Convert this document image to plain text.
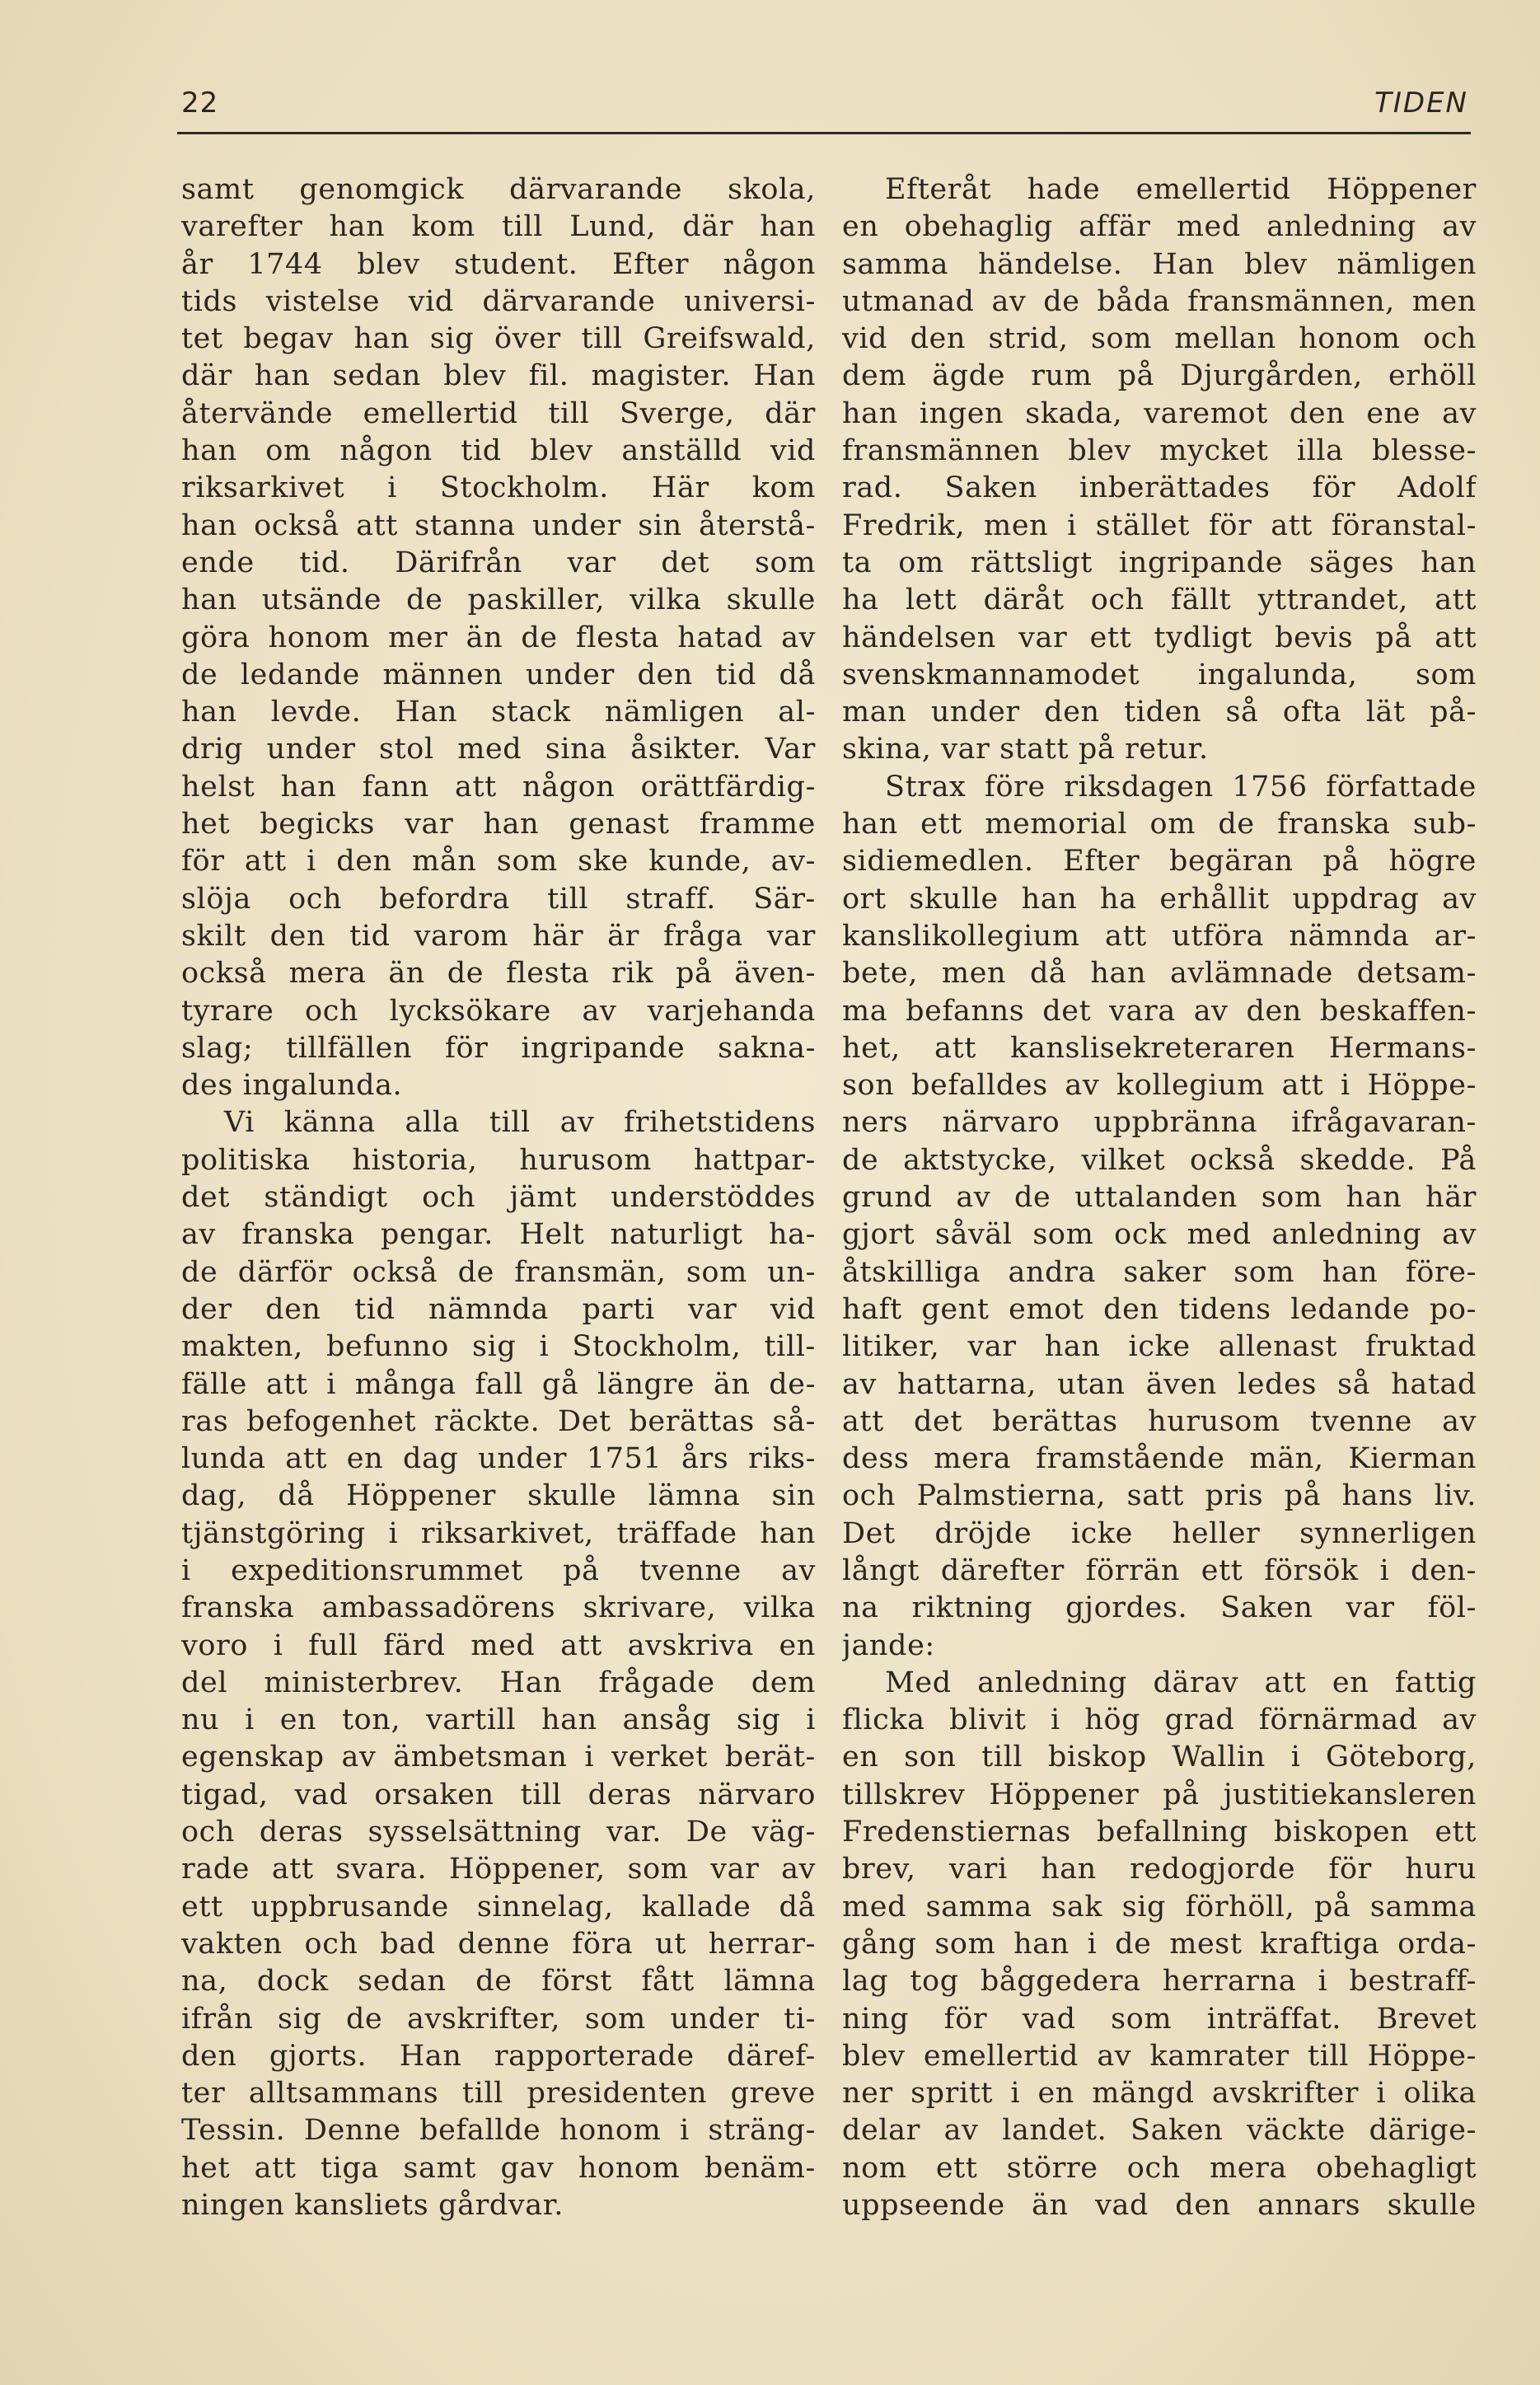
22	TIDEN
samt genomgick därvarande skola,
varefter han kom till Lund, där han
år 1744 blev student. Efter någon
tids vistelse vid därvarande universi-
tet begav han sig över till Greifswald,
där han sedan blev fil. magister. Han
återvände emellertid till Sverge, där
han om någon tid blev anställd vid
riksarkivet i Stockholm. Här kom
han också att stanna under sin återstå-
ende tid. Därifrån var det som
han utsände de paskiller, vilka skulle
göra honom mer än de flesta hatad av
de ledande männen under den tid då
han levde. Han stack nämligen al-
drig under stol med sina åsikter. Var
helst han fann att någon orättfärdig-
het begicks var han genast framme
för att i den mån som ske kunde, av-
slöja och befordra till straff. Sär-
skilt den tid varom här är fråga var
också mera än de flesta rik på även-
tyrare och lycksökare av varjehanda
slag; tillfällen för ingripande sakna-
des ingalunda.
Vi känna alla till av frihetstidens
politiska historia, hurusom hattpar-
det ständigt och jämt understöddes
av franska pengar. Helt naturligt ha-
de därför också de fransmän, som un-
der den tid nämnda parti var vid
makten, befunno sig i Stockholm, till-
fälle att i många fall gå längre än de-
ras befogenhet räckte. Det berättas så-
lunda att en dag under 1751 års riks-
dag, då Höppener skulle lämna sin
tjänstgöring i riksarkivet, träffade han
i expeditionsrummet på tvenne av
franska ambassadörens skrivare, vilka
voro i full färd med att avskriva en
del ministerbrev. Han frågade dem
nu i en ton, vartill han ansåg sig i
egenskap av ämbetsman i verket berät-
tigad, vad orsaken till deras närvaro
och deras sysselsättning var. De väg-
rade att svara. Höppener, som var av
ett uppbrusande sinnelag, kallade då
vakten och bad denne föra ut herrar-
na, dock sedan de först fått lämna
ifrån sig de avskrifter, som under ti-
den gjorts. Han rapporterade däref-
ter alltsammans till presidenten greve
Tessin. Denne befallde honom i sträng-
het att tiga samt gav honom benäm-
ningen kansliets gårdvar.
Efteråt hade emellertid Höppener
en obehaglig affär med anledning av
samma händelse. Han blev nämligen
utmanad av de båda fransmännen, men
vid den strid, som mellan honom och
dem ägde rum på Djurgården, erhöll
han ingen skada, varemot den ene av
fransmännen blev mycket illa blesse-
rad. Saken inberättades för Adolf
Fredrik, men i stället för att föranstal-
ta om rättsligt ingripande säges han
ha lett däråt och fällt yttrandet, att
händelsen var ett tydligt bevis på att
svenskmannamodet ingalunda, som
man under den tiden så ofta lät på-
skina, var statt på retur.
Strax före riksdagen 1756 författade
han ett memorial om de franska sub-
sidiemedlen. Efter begäran på högre
ort skulle han ha erhållit uppdrag av
kanslikollegium att utföra nämnda ar-
bete, men då han avlämnade detsam-
ma befanns det vara av den beskaffen-
het, att kanslisekreteraren Hermans-
son befalldes av kollegium att i Höppe-
ners närvaro uppbränna ifrågavaran-
de aktstycke, vilket också skedde. På
grund av de uttalanden som han här
gjort såväl som ock med anledning av
åtskilliga andra saker som han före-
haft gent emot den tidens ledande po-
litiker, var han icke allenast fruktad
av hattarna, utan även ledes så hatad
att det berättas hurusom tvenne av
dess mera framstående män, Kierman
och Palmstierna, satt pris på hans liv.
Det dröjde icke heller synnerligen
långt därefter förrän ett försök i den-
na riktning gjordes. Saken var föl-
jande:
Med anledning därav att en fattig
flicka blivit i hög grad förnärmad av
en son till biskop Wallin i Göteborg,
tillskrev Höppener på justitiekansleren
Fredenstiernas befallning biskopen ett
brev, vari han redogjorde för huru
med samma sak sig förhöll, på samma
gång som han i de mest kraftiga orda-
lag tog båggedera herrarna i bestraff-
ning för vad som inträffat. Brevet
blev emellertid av kamrater till Höppe-
ner spritt i en mängd avskrifter i olika
delar av landet. Saken väckte därige-
nom ett större och mera obehagligt
uppseende än vad den annars skulle
